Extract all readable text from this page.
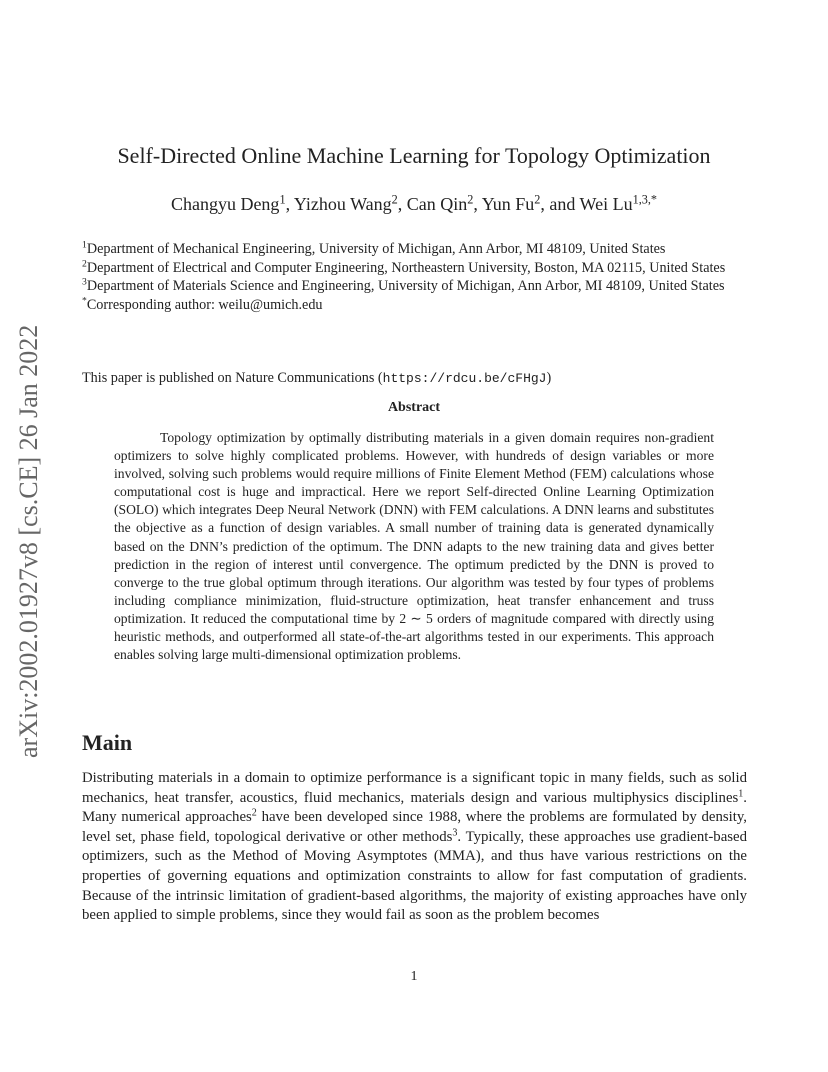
arXiv:2002.01927v8 [cs.CE] 26 Jan 2022
Self-Directed Online Machine Learning for Topology Optimization
Changyu Deng$^1$, Yizhou Wang$^2$, Can Qin$^2$, Yun Fu$^2$, and Wei $Lu^{1,3,*}$
$^1$Department of Mechanical Engineering, University of Michigan, Ann Arbor, MI 48109, United States
$^2$Department of Electrical and Computer Engineering, Northeastern University, Boston, MA 02115, United States
$^3$Department of Materials Science and Engineering, University of Michigan, Ann Arbor, MI 48109, United States
*Corresponding author: weilu@umich.edu
This paper is published on Nature Communications (https://rdcu.be/cFHgJ)
Abstract
Topology optimization by optimally distributing materials in a given domain requires non-gradient optimizers to solve highly complicated problems. However, with hundreds of design variables or more involved, solving such problems would require millions of Finite Element Method (FEM) calculations whose computational cost is huge and impractical. Here we report Self-directed Online Learning Optimization (SOLO) which integrates Deep Neural Network (DNN) with FEM calculations. A DNN learns and substitutes the objective as a function of design variables. A small number of training data is generated dynamically based on the DNN’s prediction of the optimum. The DNN adapts to the new training data and gives better prediction in the region of interest until convergence. The optimum predicted by the DNN is proved to converge to the true global optimum through iterations. Our algorithm was tested by four types of problems including compliance minimization, fluid-structure optimization, heat transfer enhancement and truss optimization. It reduced the computational time by 2 ∼ 5 orders of magnitude compared with directly using heuristic methods, and outperformed all state-of-the-art algorithms tested in our experiments. This approach enables solving large multi-dimensional optimization problems.
Main
Distributing materials in a domain to optimize performance is a significant topic in many fields, such as solid mechanics, heat transfer, acoustics, fluid mechanics, materials design and various multiphysics disciplines$^1$. Many numerical approaches$^2$ have been developed since 1988, where the problems are formulated by density, level set, phase field, topological derivative or other methods$^3$. Typically, these approaches use gradient-based optimizers, such as the Method of Moving Asymptotes (MMA), and thus have various restrictions on the properties of governing equations and optimization constraints to allow for fast computation of gradients. Because of the intrinsic limitation of gradient-based algorithms, the majority of existing approaches have only been applied to simple problems, since they would fail as soon as the problem becomes
1
